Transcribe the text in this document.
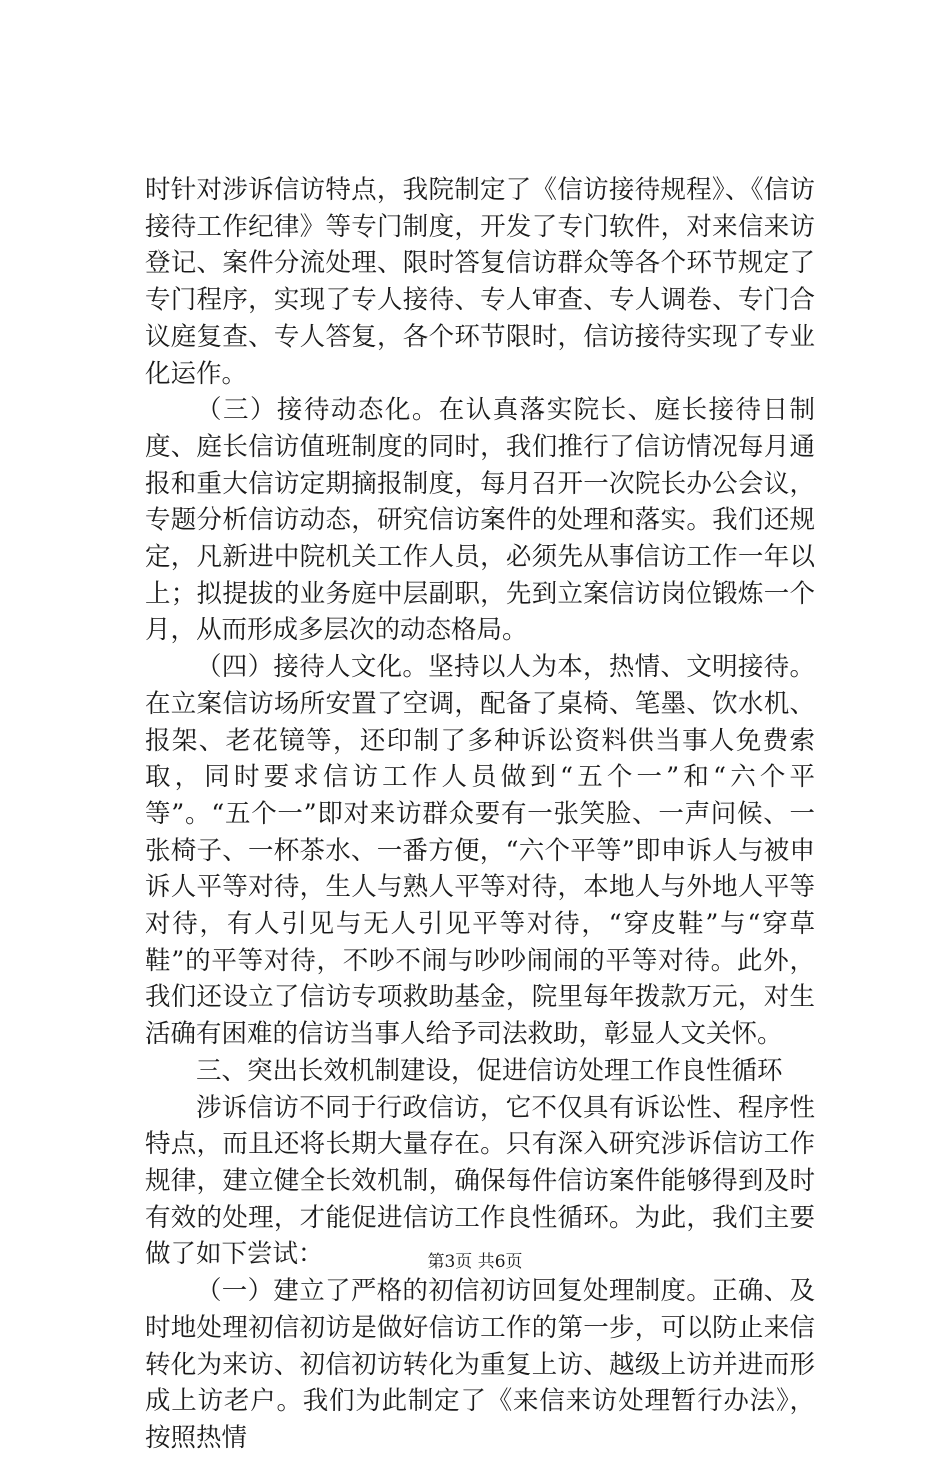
时针对涉诉信访特点，我院制定了《信访接待规程》、《信访接待工作纪律》等专门制度，开发了专门软件，对来信来访登记、案件分流处理、限时答复信访群众等各个环节规定了专门程序，实现了专人接待、专人审查、专人调卷、专门合议庭复查、专人答复，各个环节限时，信访接待实现了专业化运作。

（三）接待动态化。在认真落实院长、庭长接待日制度、庭长信访值班制度的同时，我们推行了信访情况每月通报和重大信访定期摘报制度，每月召开一次院长办公会议，专题分析信访动态，研究信访案件的处理和落实。我们还规定，凡新进中院机关工作人员，必须先从事信访工作一年以上；拟提拔的业务庭中层副职，先到立案信访岗位锻炼一个月，从而形成多层次的动态格局。

（四）接待人文化。坚持以人为本，热情、文明接待。在立案信访场所安置了空调，配备了桌椅、笔墨、饮水机、报架、老花镜等，还印制了多种诉讼资料供当事人免费索取，同时要求信访工作人员做到“五个一”和“六个平等”。“五个一”即对来访群众要有一张笑脸、一声问候、一张椅子、一杯茶水、一番方便，“六个平等”即申诉人与被申诉人平等对待，生人与熟人平等对待，本地人与外地人平等对待，有人引见与无人引见平等对待，“穿皮鞋”与“穿草鞋”的平等对待，不吵不闹与吵吵闹闹的平等对待。此外，我们还设立了信访专项救助基金，院里每年拨款万元，对生活确有困难的信访当事人给予司法救助，彰显人文关怀。

三、突出长效机制建设，促进信访处理工作良性循环

涉诉信访不同于行政信访，它不仅具有诉讼性、程序性特点，而且还将长期大量存在。只有深入研究涉诉信访工作规律，建立健全长效机制，确保每件信访案件能够得到及时有效的处理，才能促进信访工作良性循环。为此，我们主要做了如下尝试：

（一）建立了严格的初信初访回复处理制度。正确、及时地处理初信初访是做好信访工作的第一步，可以防止来信转化为来访、初信初访转化为重复上访、越级上访并进而形成上访老户。我们为此制定了《来信来访处理暂行办法》，按照热情

第3页 共6页
